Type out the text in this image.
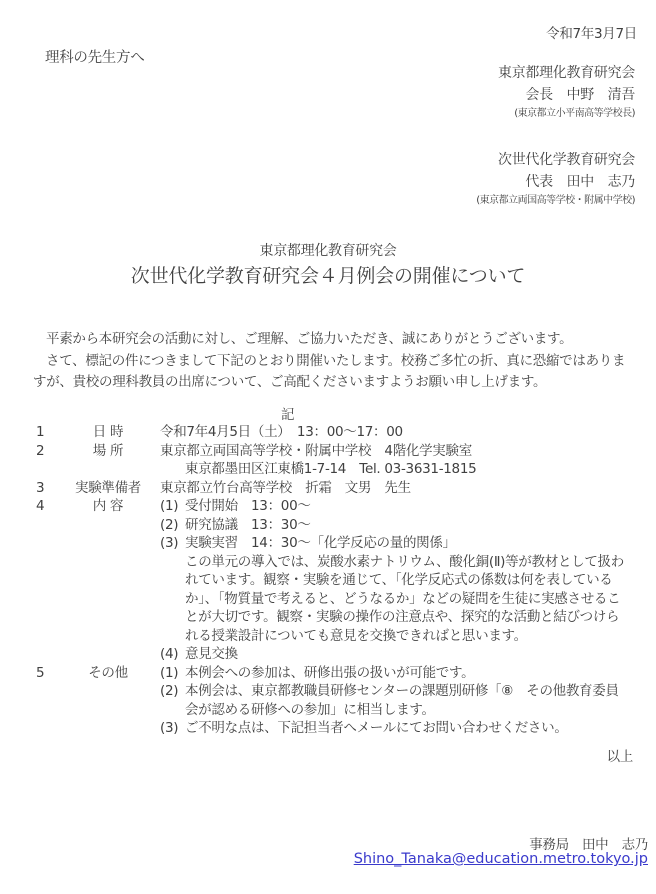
令和7年3月7日
理科の先生方へ
東京都理化教育研究会
会長　中野　清吾
(東京都立小平南高等学校長)
次世代化学教育研究会
代表　田中　志乃
(東京都立両国高等学校・附属中学校)
東京都理化教育研究会
次世代化学教育研究会４月例会の開催について

平素から本研究会の活動に対し、ご理解、ご協力いただき、誠にありがとうございます。

さて、標記の件につきまして下記のとおり開催いたします。校務ご多忙の折、真に恐縮ではありますが、貴校の理科教員の出席について、ご高配くださいますようお願い申し上げます。

記
1	日 時	令和7年4月5日（土）　13：00～17：00
2	場 所	東京都立両国高等学校・附属中学校　4階化学実験室
東京都墨田区江東橋1-7-14　Tel. 03-3631-1815
3	実験準備者	東京都立竹台高等学校　折霜　文男　先生
4	内 容	(1) 受付開始　13：00～
(2) 研究協議　13：30～
(3) 実験実習　14：30～「化学反応の量的関係」
この単元の導入では、炭酸水素ナトリウム、酸化銅(Ⅱ)等が教材として扱われています。観察・実験を通じて、「化学反応式の係数は何を表しているか」、「物質量で考えると、どうなるか」などの疑問を生徒に実感させることが大切です。観察・実験の操作の注意点や、探究的な活動と結びつけられる授業設計についても意見を交換できればと思います。
(4) 意見交換
5	その他	(1) 本例会への参加は、研修出張の扱いが可能です。
(2) 本例会は、東京都教職員研修センターの課題別研修「⑧　その他教育委員会が認める研修への参加」に相当します。
(3) ご不明な点は、下記担当者へメールにてお問い合わせください。
以上
事務局　田中　志乃
Shino_Tanaka@education.metro.tokyo.jp
